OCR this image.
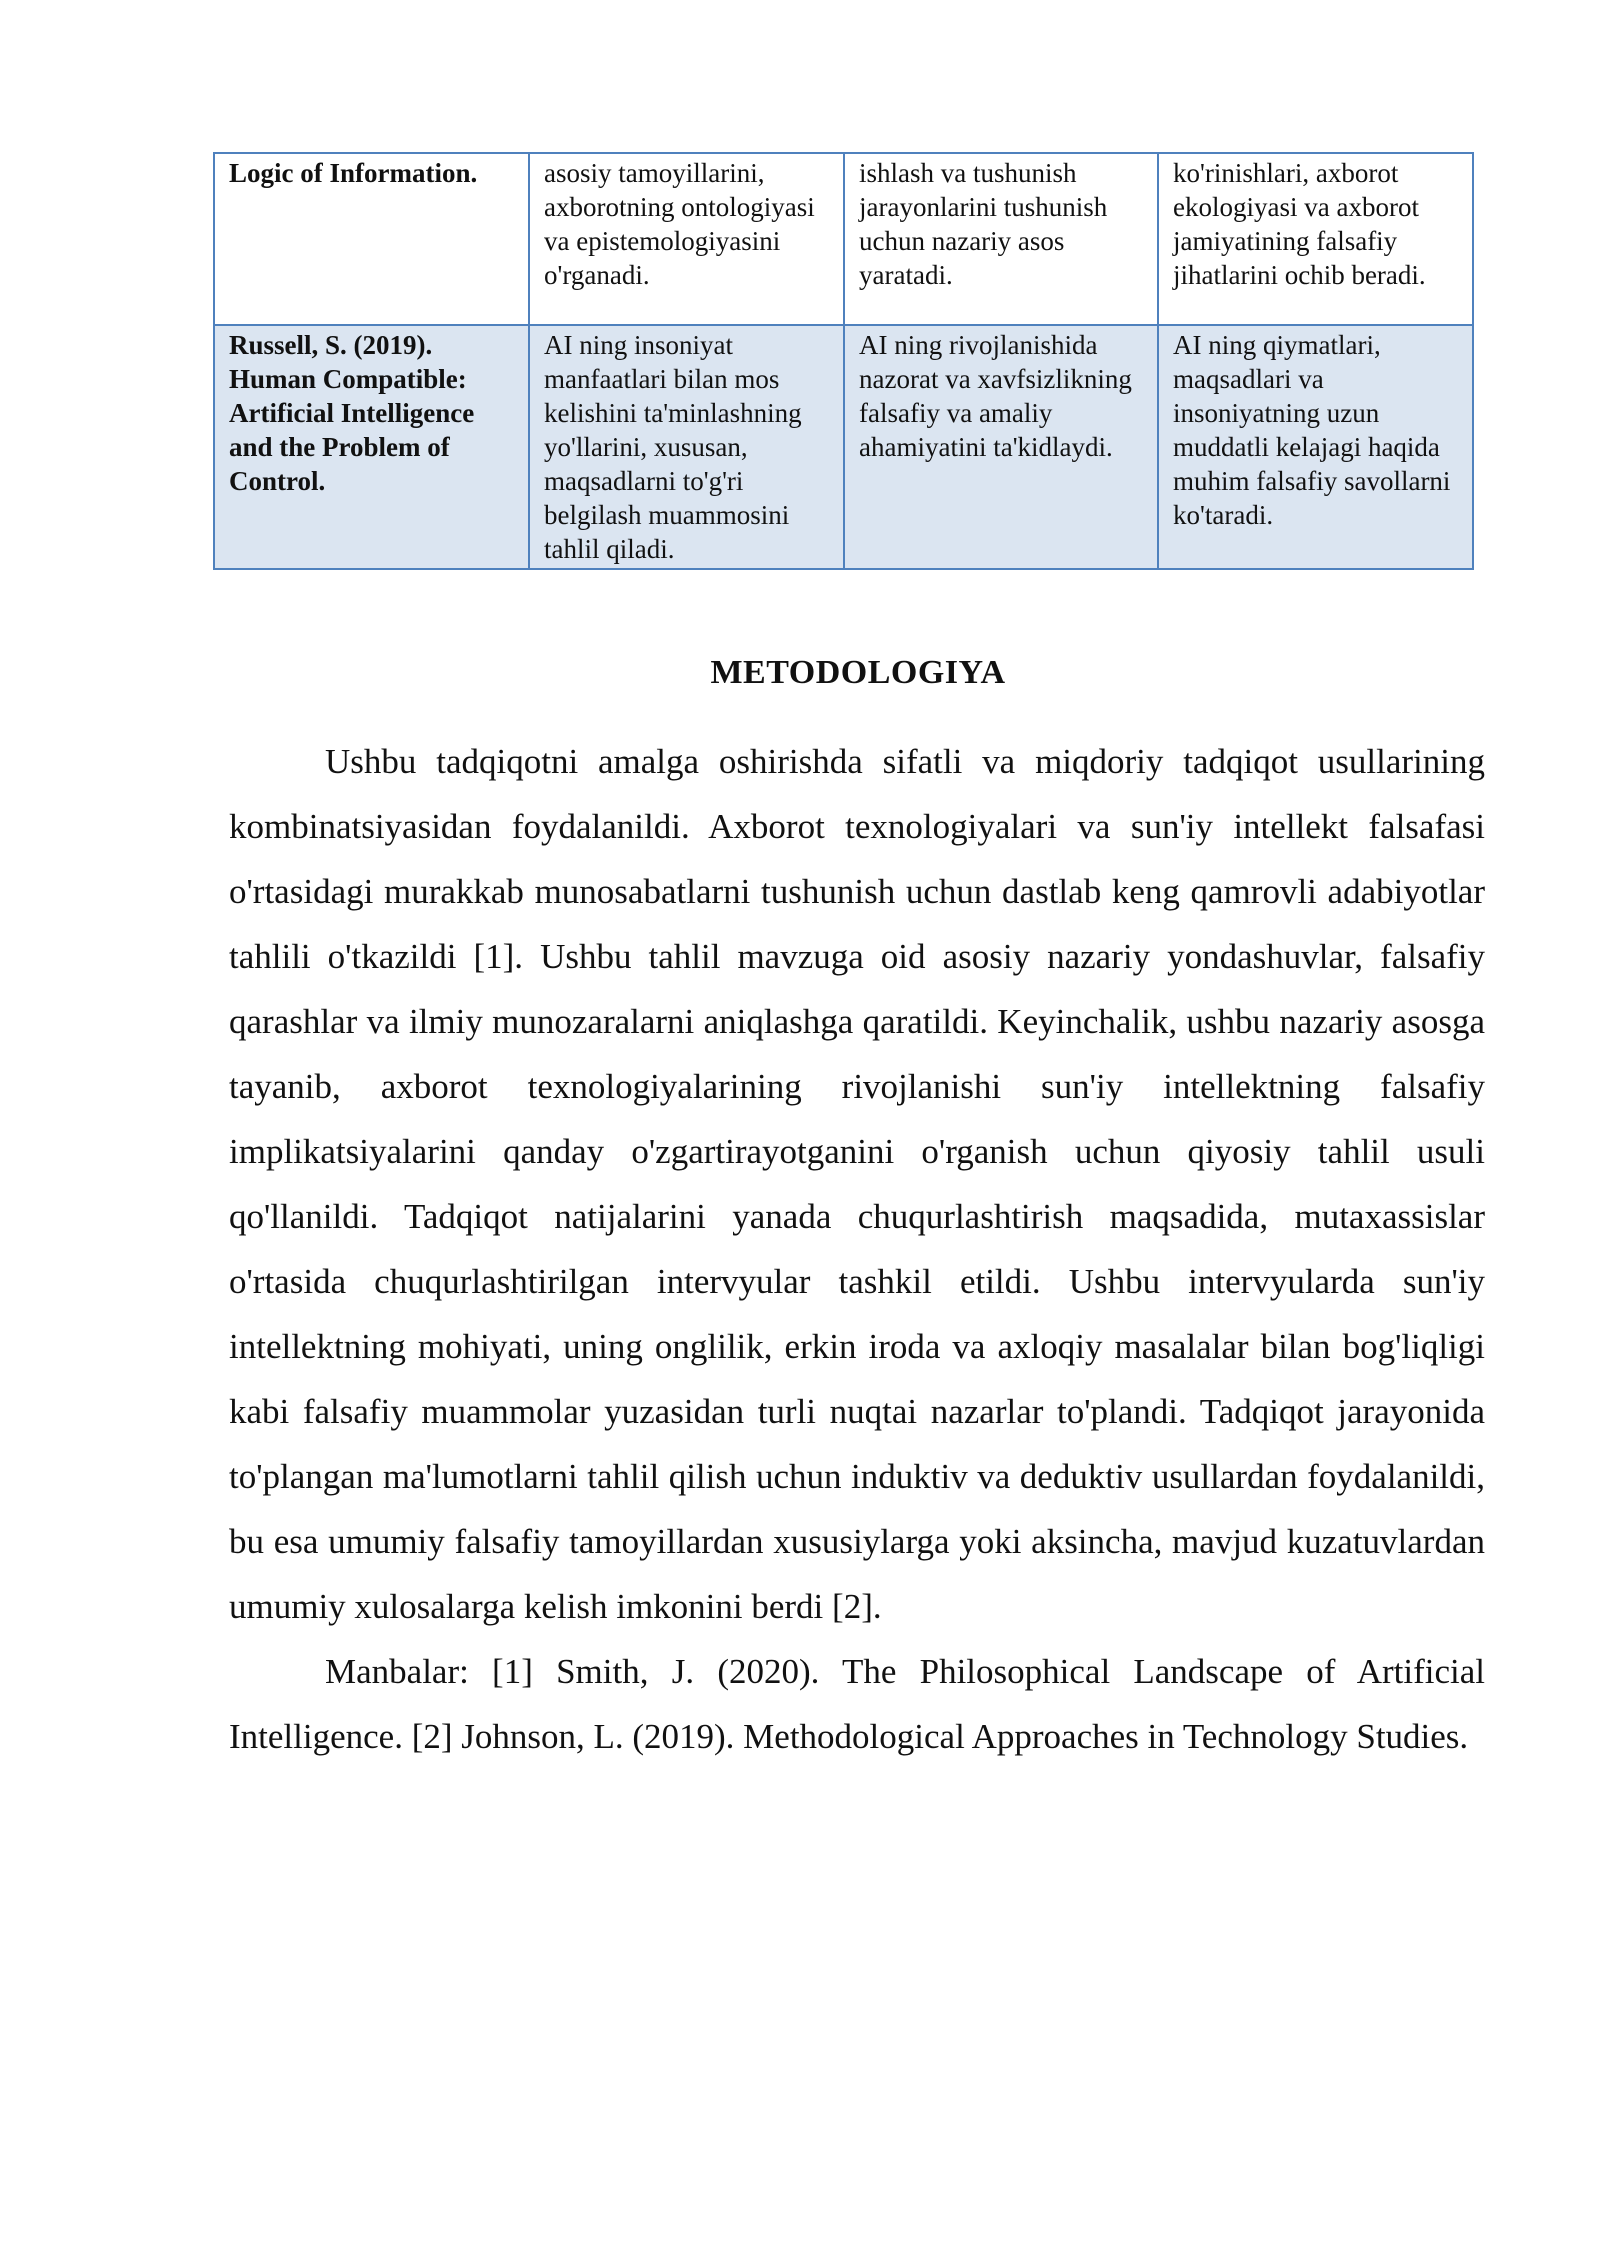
Logic of Information.	asosiy tamoyillarini, axborotning ontologiyasi va epistemologiyasini o'rganadi.	ishlash va tushunish jarayonlarini tushunish uchun nazariy asos yaratadi.	ko'rinishlari, axborot ekologiyasi va axborot jamiyatining falsafiy jihatlarini ochib beradi.
Russell, S. (2019). Human Compatible: Artificial Intelligence and the Problem of Control.	AI ning insoniyat manfaatlari bilan mos kelishini ta'minlashning yo'llarini, xususan, maqsadlarni to'g'ri belgilash muammosini tahlil qiladi.	AI ning rivojlanishida nazorat va xavfsizlikning falsafiy va amaliy ahamiyatini ta'kidlaydi.	AI ning qiymatlari, maqsadlari va insoniyatning uzun muddatli kelajagi haqida muhim falsafiy savollarni ko'taradi.
METODOLOGIYA

Ushbu tadqiqotni amalga oshirishda sifatli va miqdoriy tadqiqot usullarining kombinatsiyasidan foydalanildi. Axborot texnologiyalari va sun'iy intellekt falsafasi o'rtasidagi murakkab munosabatlarni tushunish uchun dastlab keng qamrovli adabiyotlar tahlili o'tkazildi [1]. Ushbu tahlil mavzuga oid asosiy nazariy yondashuvlar, falsafiy qarashlar va ilmiy munozaralarni aniqlashga qaratildi. Keyinchalik, ushbu nazariy asosga tayanib, axborot texnologiyalarining rivojlanishi sun'iy intellektning falsafiy implikatsiyalarini qanday o'zgartirayotganini o'rganish uchun qiyosiy tahlil usuli qo'llanildi. Tadqiqot natijalarini yanada chuqurlashtirish maqsadida, mutaxassislar o'rtasida chuqurlashtirilgan intervyular tashkil etildi. Ushbu intervyularda sun'iy intellektning mohiyati, uning onglilik, erkin iroda va axloqiy masalalar bilan bog'liqligi kabi falsafiy muammolar yuzasidan turli nuqtai nazarlar to'plandi. Tadqiqot jarayonida to'plangan ma'lumotlarni tahlil qilish uchun induktiv va deduktiv usullardan foydalanildi, bu esa umumiy falsafiy tamoyillardan xususiylarga yoki aksincha, mavjud kuzatuvlardan umumiy xulosalarga kelish imkonini berdi [2].

Manbalar: [1] Smith, J. (2020). The Philosophical Landscape of Artificial Intelligence. [2] Johnson, L. (2019). Methodological Approaches in Technology Studies.
